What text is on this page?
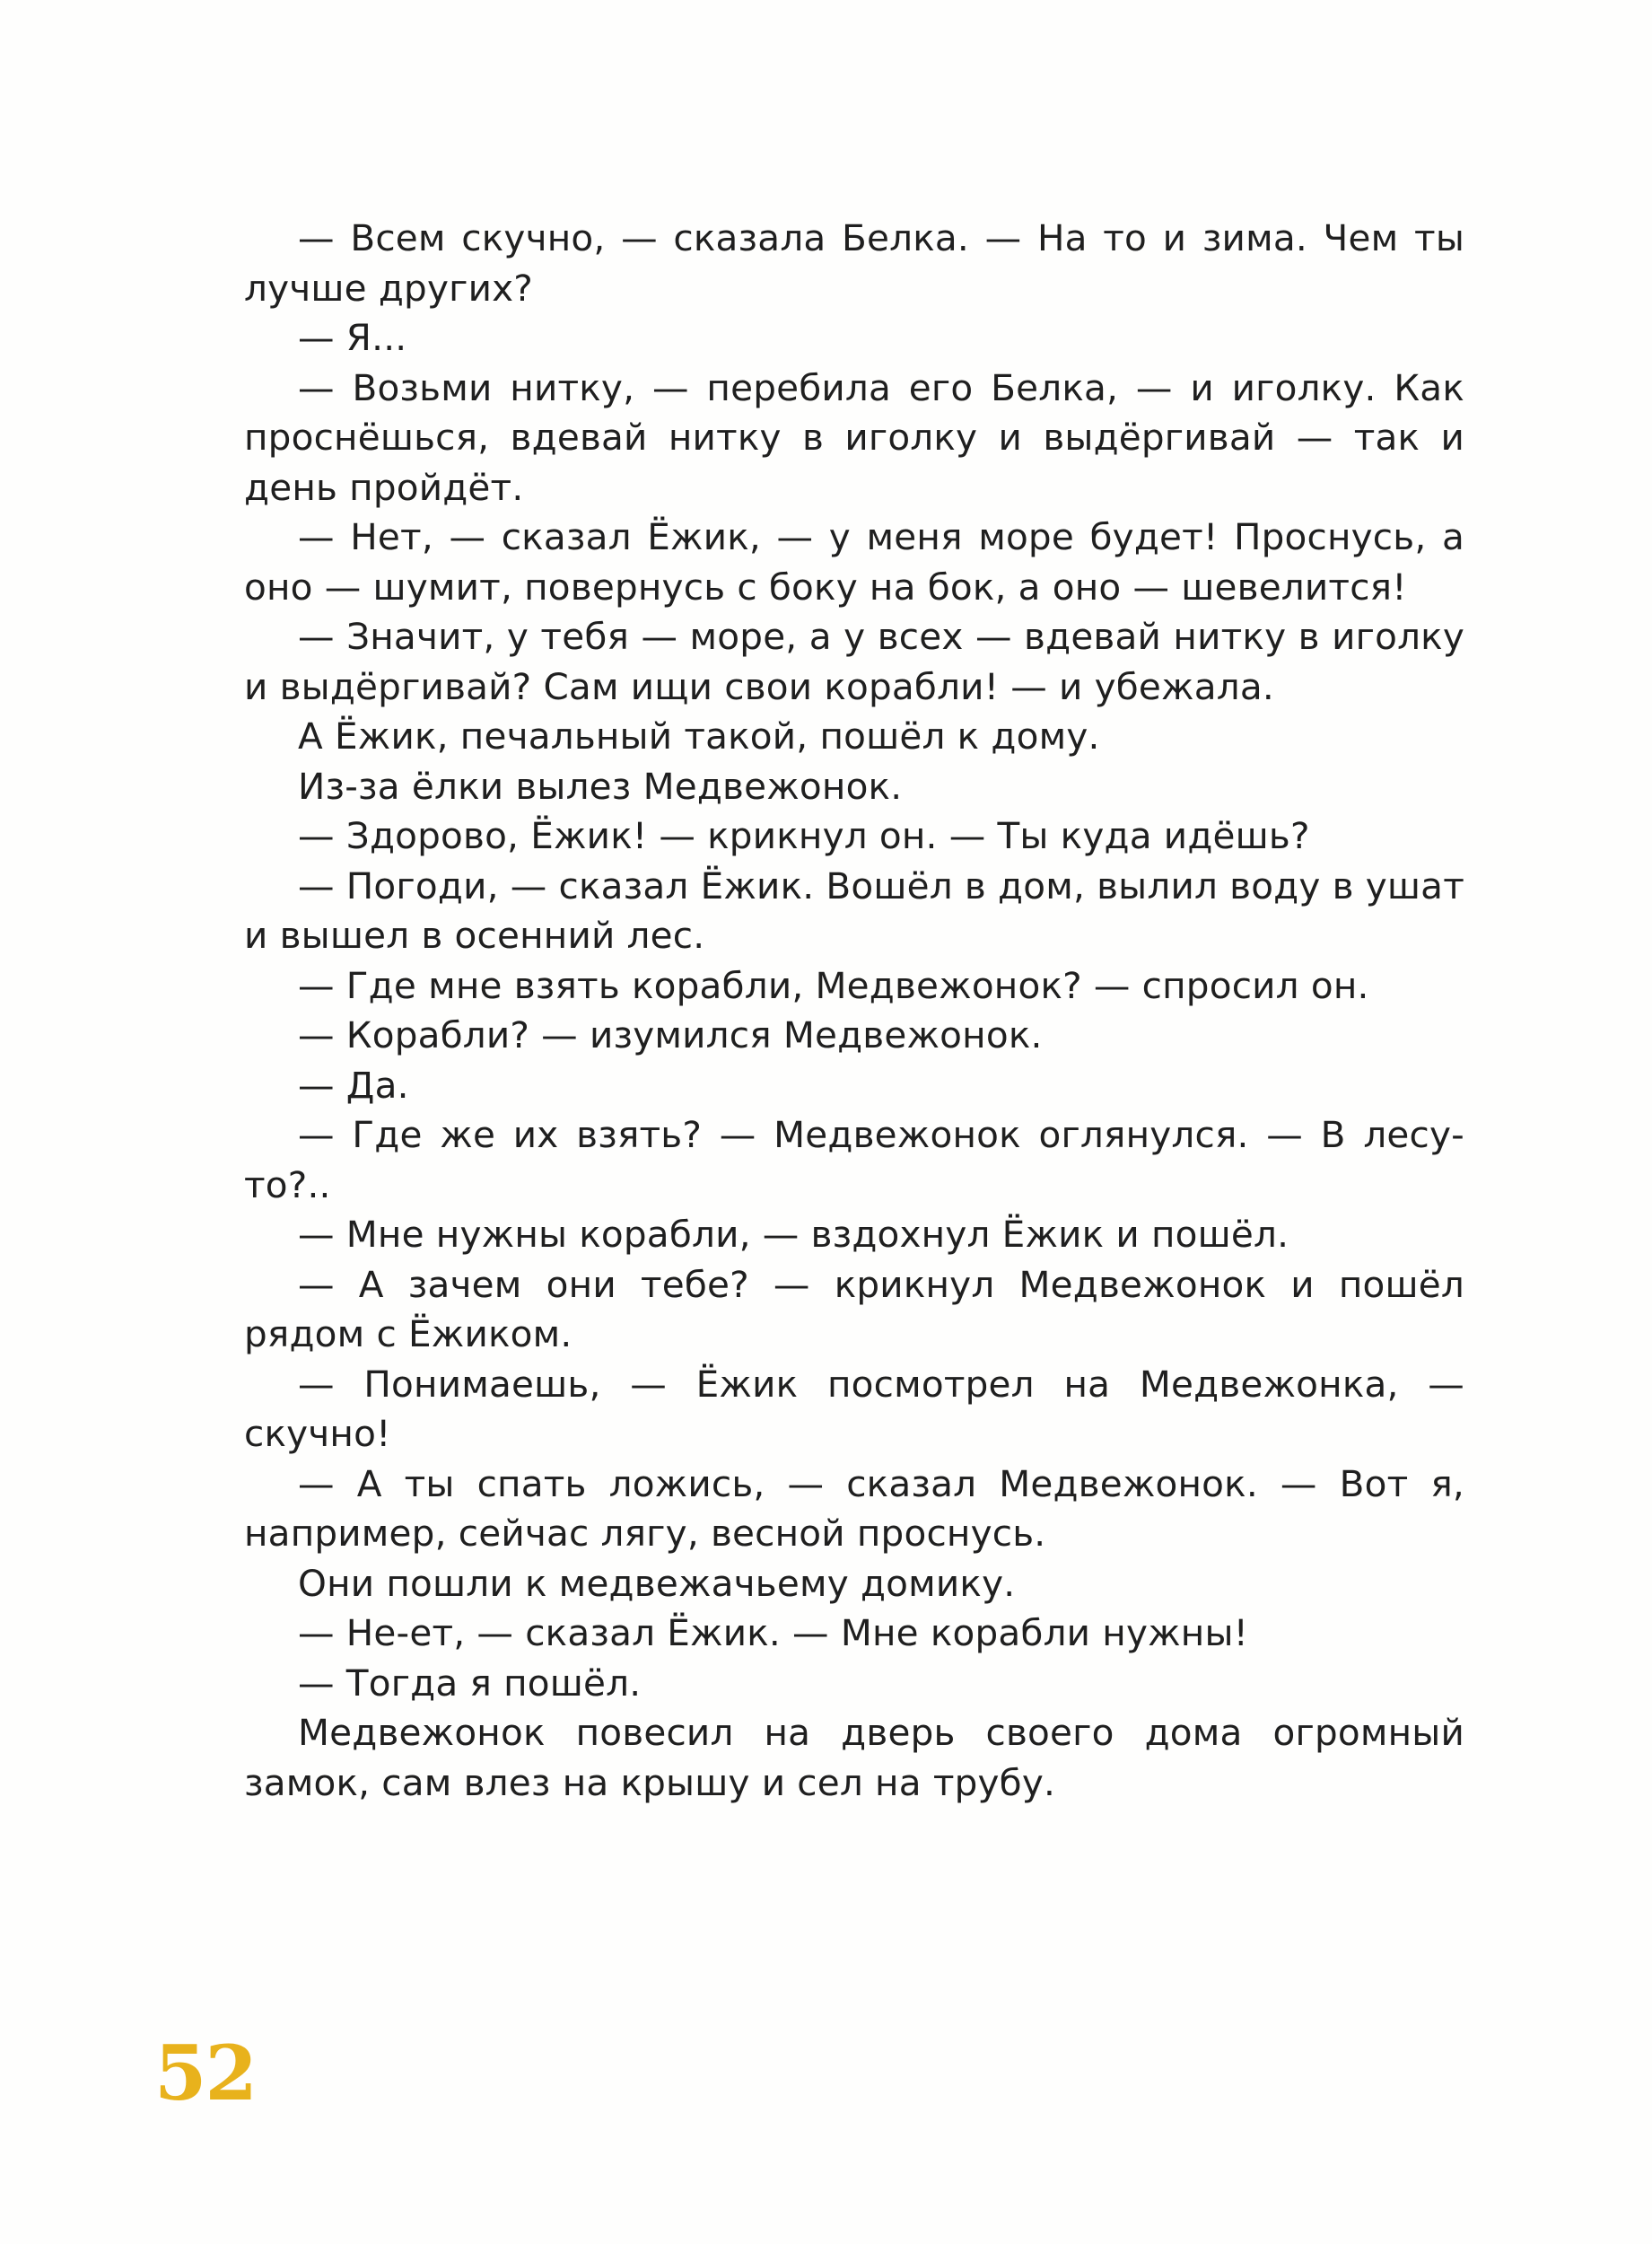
— Всем скучно, — сказала Белка. — На то и зима. Чем ты лучше других?

— Я...

— Возьми нитку, — перебила его Белка, — и иголку. Как проснёшься, вдевай нитку в иголку и выдёргивай — так и день пройдёт.

— Нет, — сказал Ёжик, — у меня море будет! Проснусь, а оно — шумит, повернусь с боку на бок, а оно — шевелится!

— Значит, у тебя — море, а у всех — вдевай нитку в иголку и выдёргивай? Сам ищи свои корабли! — и убежала.

А Ёжик, печальный такой, пошёл к дому.

Из-за ёлки вылез Медвежонок.

— Здорово, Ёжик! — крикнул он. — Ты куда идёшь?

— Погоди, — сказал Ёжик. Вошёл в дом, вылил воду в ушат и вышел в осенний лес.

— Где мне взять корабли, Медвежонок? — спросил он.

— Корабли? — изумился Медвежонок.

— Да.

— Где же их взять? — Медвежонок оглянулся. — В лесу-то?..

— Мне нужны корабли, — вздохнул Ёжик и пошёл.

— А зачем они тебе? — крикнул Медвежонок и пошёл рядом с Ёжиком.

— Понимаешь, — Ёжик посмотрел на Медвежонка, — скучно!

— А ты спать ложись, — сказал Медвежонок. — Вот я, например, сейчас лягу, весной проснусь.

Они пошли к медвежачьему домику.

— Не-ет, — сказал Ёжик. — Мне корабли нужны!

— Тогда я пошёл.

Медвежонок повесил на дверь своего дома огромный замок, сам влез на крышу и сел на трубу.

52
